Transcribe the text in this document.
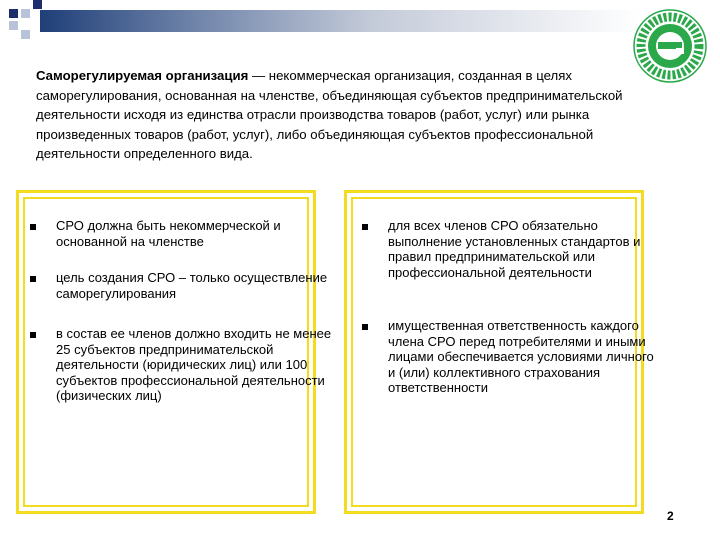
Саморегулируемая организация — некоммерческая организация, созданная в целях саморегулирования, основанная на членстве, объединяющая субъектов предпринимательской деятельности исходя из единства отрасли производства товаров (работ, услуг) или рынка произведенных товаров (работ, услуг), либо объединяющая субъектов профессиональной деятельности определенного вида.

СРО должна быть некоммерческой и основанной на членстве
цель создания СРО – только осуществление саморегулирования
в состав ее членов должно входить не менее 25 субъектов предпринимательской деятельности (юридических лиц) или 100 субъектов профессиональной деятельности (физических лиц)
для всех членов СРО обязательно выполнение установленных стандартов и правил предпринимательской или профессиональной деятельности
имущественная ответственность каждого члена СРО перед потребителями и иными лицами обеспечивается условиями личного и (или) коллективного страхования ответственности
2
